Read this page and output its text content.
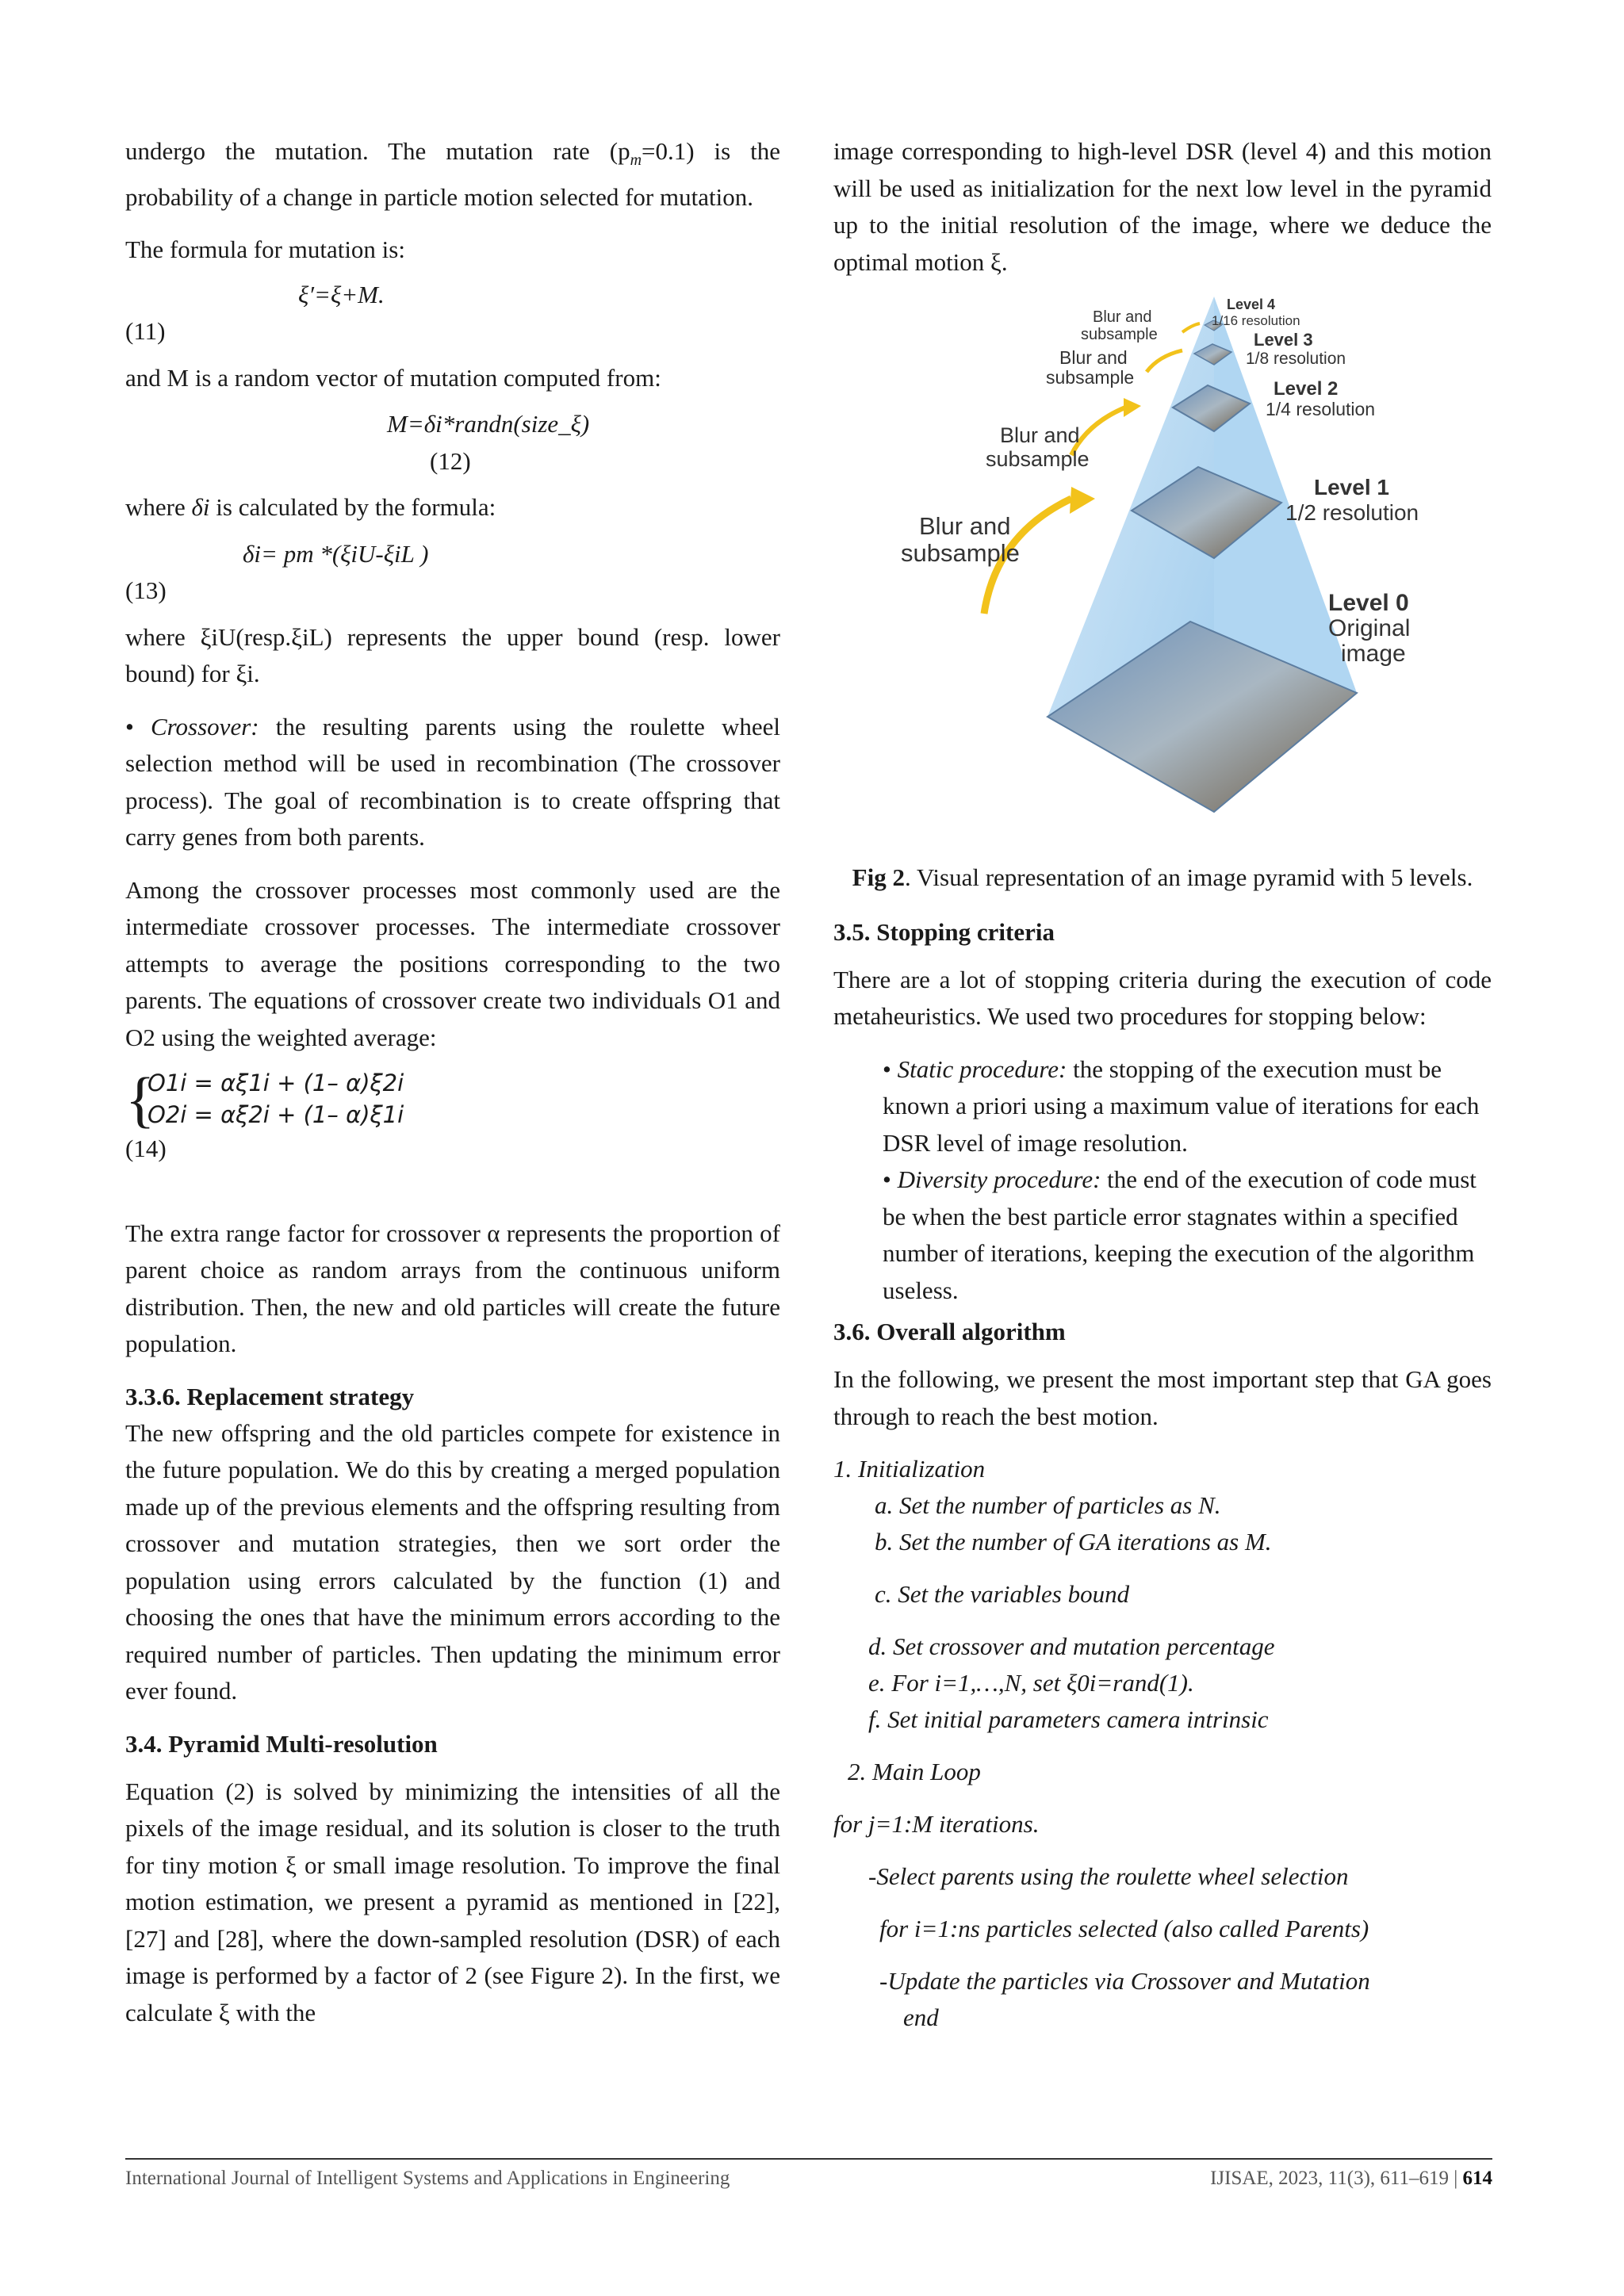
undergo the mutation. The mutation rate $(p_m=0.1)$ is the probability of a change in particle motion selected for mutation.

The formula for mutation is:

ξ′=ξ+M.
(11)

and M is a random vector of mutation computed from:

M=δi*randn(size_ξ)
(12)

where δi is calculated by the formula:

δi= pm *(ξiU-ξiL )
(13)

where ξiU(resp.ξiL) represents the upper bound (resp. lower bound) for ξi.

• Crossover: the resulting parents using the roulette wheel selection method will be used in recombination (The crossover process). The goal of recombination is to create offspring that carry genes from both parents.

Among the crossover processes most commonly used are the intermediate crossover processes. The intermediate crossover attempts to average the positions corresponding to the two parents. The equations of crossover create two individuals O1 and O2 using the weighted average:

{
O1i = αξ1i + (1– α)ξ2i
O2i = αξ2i + (1– α)ξ1i
(14)

The extra range factor for crossover α represents the proportion of parent choice as random arrays from the continuous uniform distribution. Then, the new and old particles will create the future population.

3.3.6. Replacement strategy

The new offspring and the old particles compete for existence in the future population. We do this by creating a merged population made up of the previous elements and the offspring resulting from crossover and mutation strategies, then we sort order the population using errors calculated by the function (1) and choosing the ones that have the minimum errors according to the required number of particles. Then updating the minimum error ever found.

3.4. Pyramid Multi-resolution

Equation (2) is solved by minimizing the intensities of all the pixels of the image residual, and its solution is closer to the truth for tiny motion ξ or small image resolution. To improve the final motion estimation, we present a pyramid as mentioned in [22], [27] and [28], where the down-sampled resolution (DSR) of each image is performed by a factor of 2 (see Figure 2). In the first, we calculate ξ with the

image corresponding to high-level DSR (level 4) and this motion will be used as initialization for the next low level in the pyramid up to the initial resolution of the image, where we deduce the optimal motion ξ.

Level 4
1/16 resolution
Level 3
1/8 resolution
Level 2
1/4 resolution
Level 1
1/2 resolution
Level 0
Original
image
Blur and
subsample
Blur and
subsample
Blur and
subsample
Blur and
subsample
Fig 2. Visual representation of an image pyramid with 5 levels.
3.5. Stopping criteria

There are a lot of stopping criteria during the execution of code metaheuristics. We used two procedures for stopping below:

• Static procedure: the stopping of the execution must be known a priori using a maximum value of iterations for each DSR level of image resolution.

• Diversity procedure: the end of the execution of code must be when the best particle error stagnates within a specified number of iterations, keeping the execution of the algorithm useless.

3.6. Overall algorithm

In the following, we present the most important step that GA goes through to reach the best motion.

1. Initialization
a. Set the number of particles as N.
b. Set the number of GA iterations as M.
c. Set the variables bound
d. Set crossover and mutation percentage
e. For i=1,…,N, set ξ0i=rand(1).
f. Set initial parameters camera intrinsic
2. Main Loop
for j=1:M iterations.
-Select parents using the roulette wheel selection
for i=1:ns particles selected (also called Parents)
-Update the particles via Crossover and Mutation
end
International Journal of Intelligent Systems and Applications in Engineering	IJISAE, 2023, 11(3), 611–619 | 614
